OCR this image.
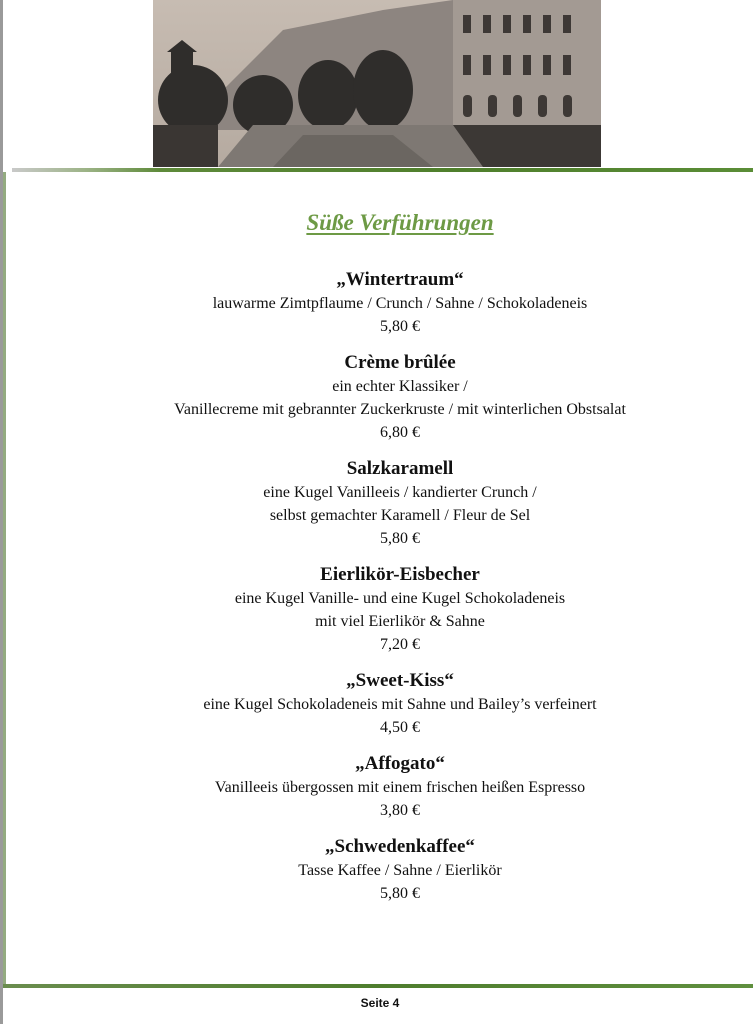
Süße Verführungen
„Wintertraum“
lauwarme Zimtpflaume / Crunch / Sahne / Schokoladeneis
5,80 €
Crème brûlée
ein echter Klassiker /
Vanillecreme mit gebrannter Zuckerkruste / mit winterlichen Obstsalat
6,80 €
Salzkaramell
eine Kugel Vanilleeis / kandierter Crunch /
selbst gemachter Karamell / Fleur de Sel
5,80 €
Eierlikör-Eisbecher
eine Kugel Vanille- und eine Kugel Schokoladeneis
mit viel Eierlikör & Sahne
7,20 €
„Sweet-Kiss“
eine Kugel Schokoladeneis mit Sahne und Bailey’s verfeinert
4,50 €
„Affogato“
Vanilleeis übergossen mit einem frischen heißen Espresso
3,80 €
„Schwedenkaffee“
Tasse Kaffee / Sahne / Eierlikör
5,80 €
Seite 4
